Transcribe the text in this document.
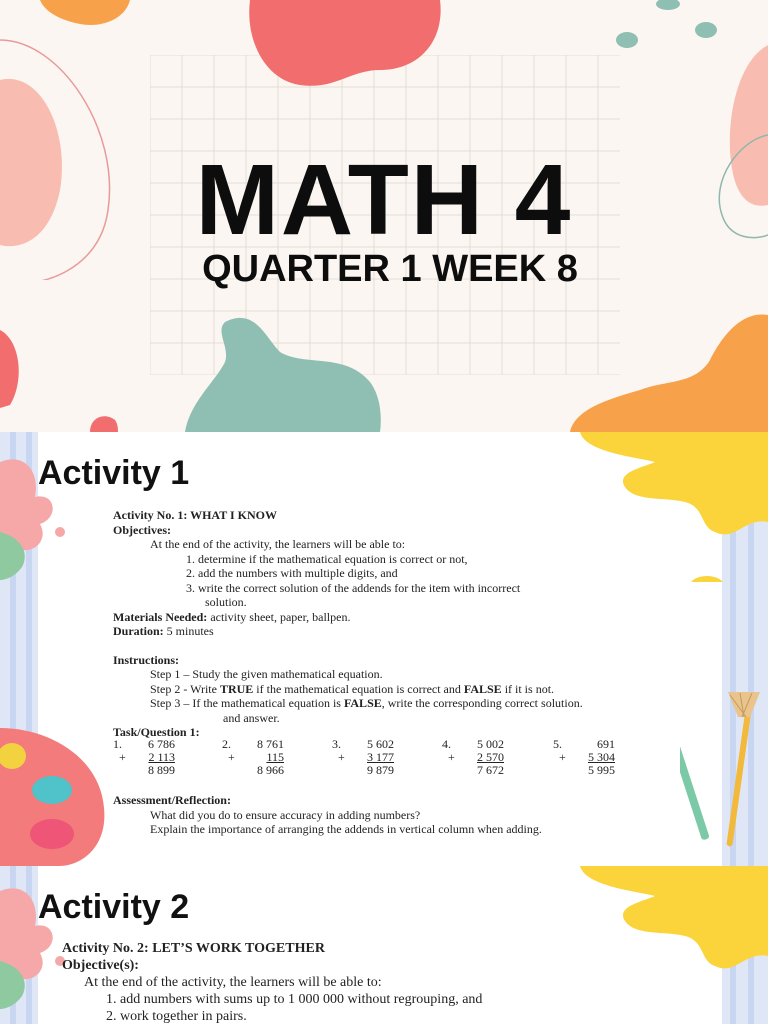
MATH 4
QUARTER 1 WEEK 8
Activity 1
Activity No. 1: WHAT I KNOW
Objectives:
At the end of the activity, the learners will be able to:
1. determine if the mathematical equation is correct or not,
2. add the numbers with multiple digits, and
3. write the correct solution of the addends for the item with incorrect
solution.
Materials Needed: activity sheet, paper, ballpen.
Duration: 5 minutes
Instructions:
Step 1 – Study the given mathematical equation.
Step 2 - Write TRUE if the mathematical equation is correct and FALSE if it is not.
Step 3 – If the mathematical equation is FALSE, write the corresponding correct solution.
and answer.
Task/Question 1:
Assessment/Reflection:
What did you do to ensure accuracy in adding numbers?
Explain the importance of arranging the addends in vertical column when adding.
1. 6 786
+ 2 113
8 899
2. 8 761
+	115
8 966
3. 5 602
+ 3 177
9 879
4. 5 002
+ 2 570
7 672
5.	691
+ 5 304
5 995
Activity 2
Activity No. 2: LET’S WORK TOGETHER
Objective(s):
At the end of the activity, the learners will be able to:
1. add numbers with sums up to 1 000 000 without regrouping, and
2. work together in pairs.
